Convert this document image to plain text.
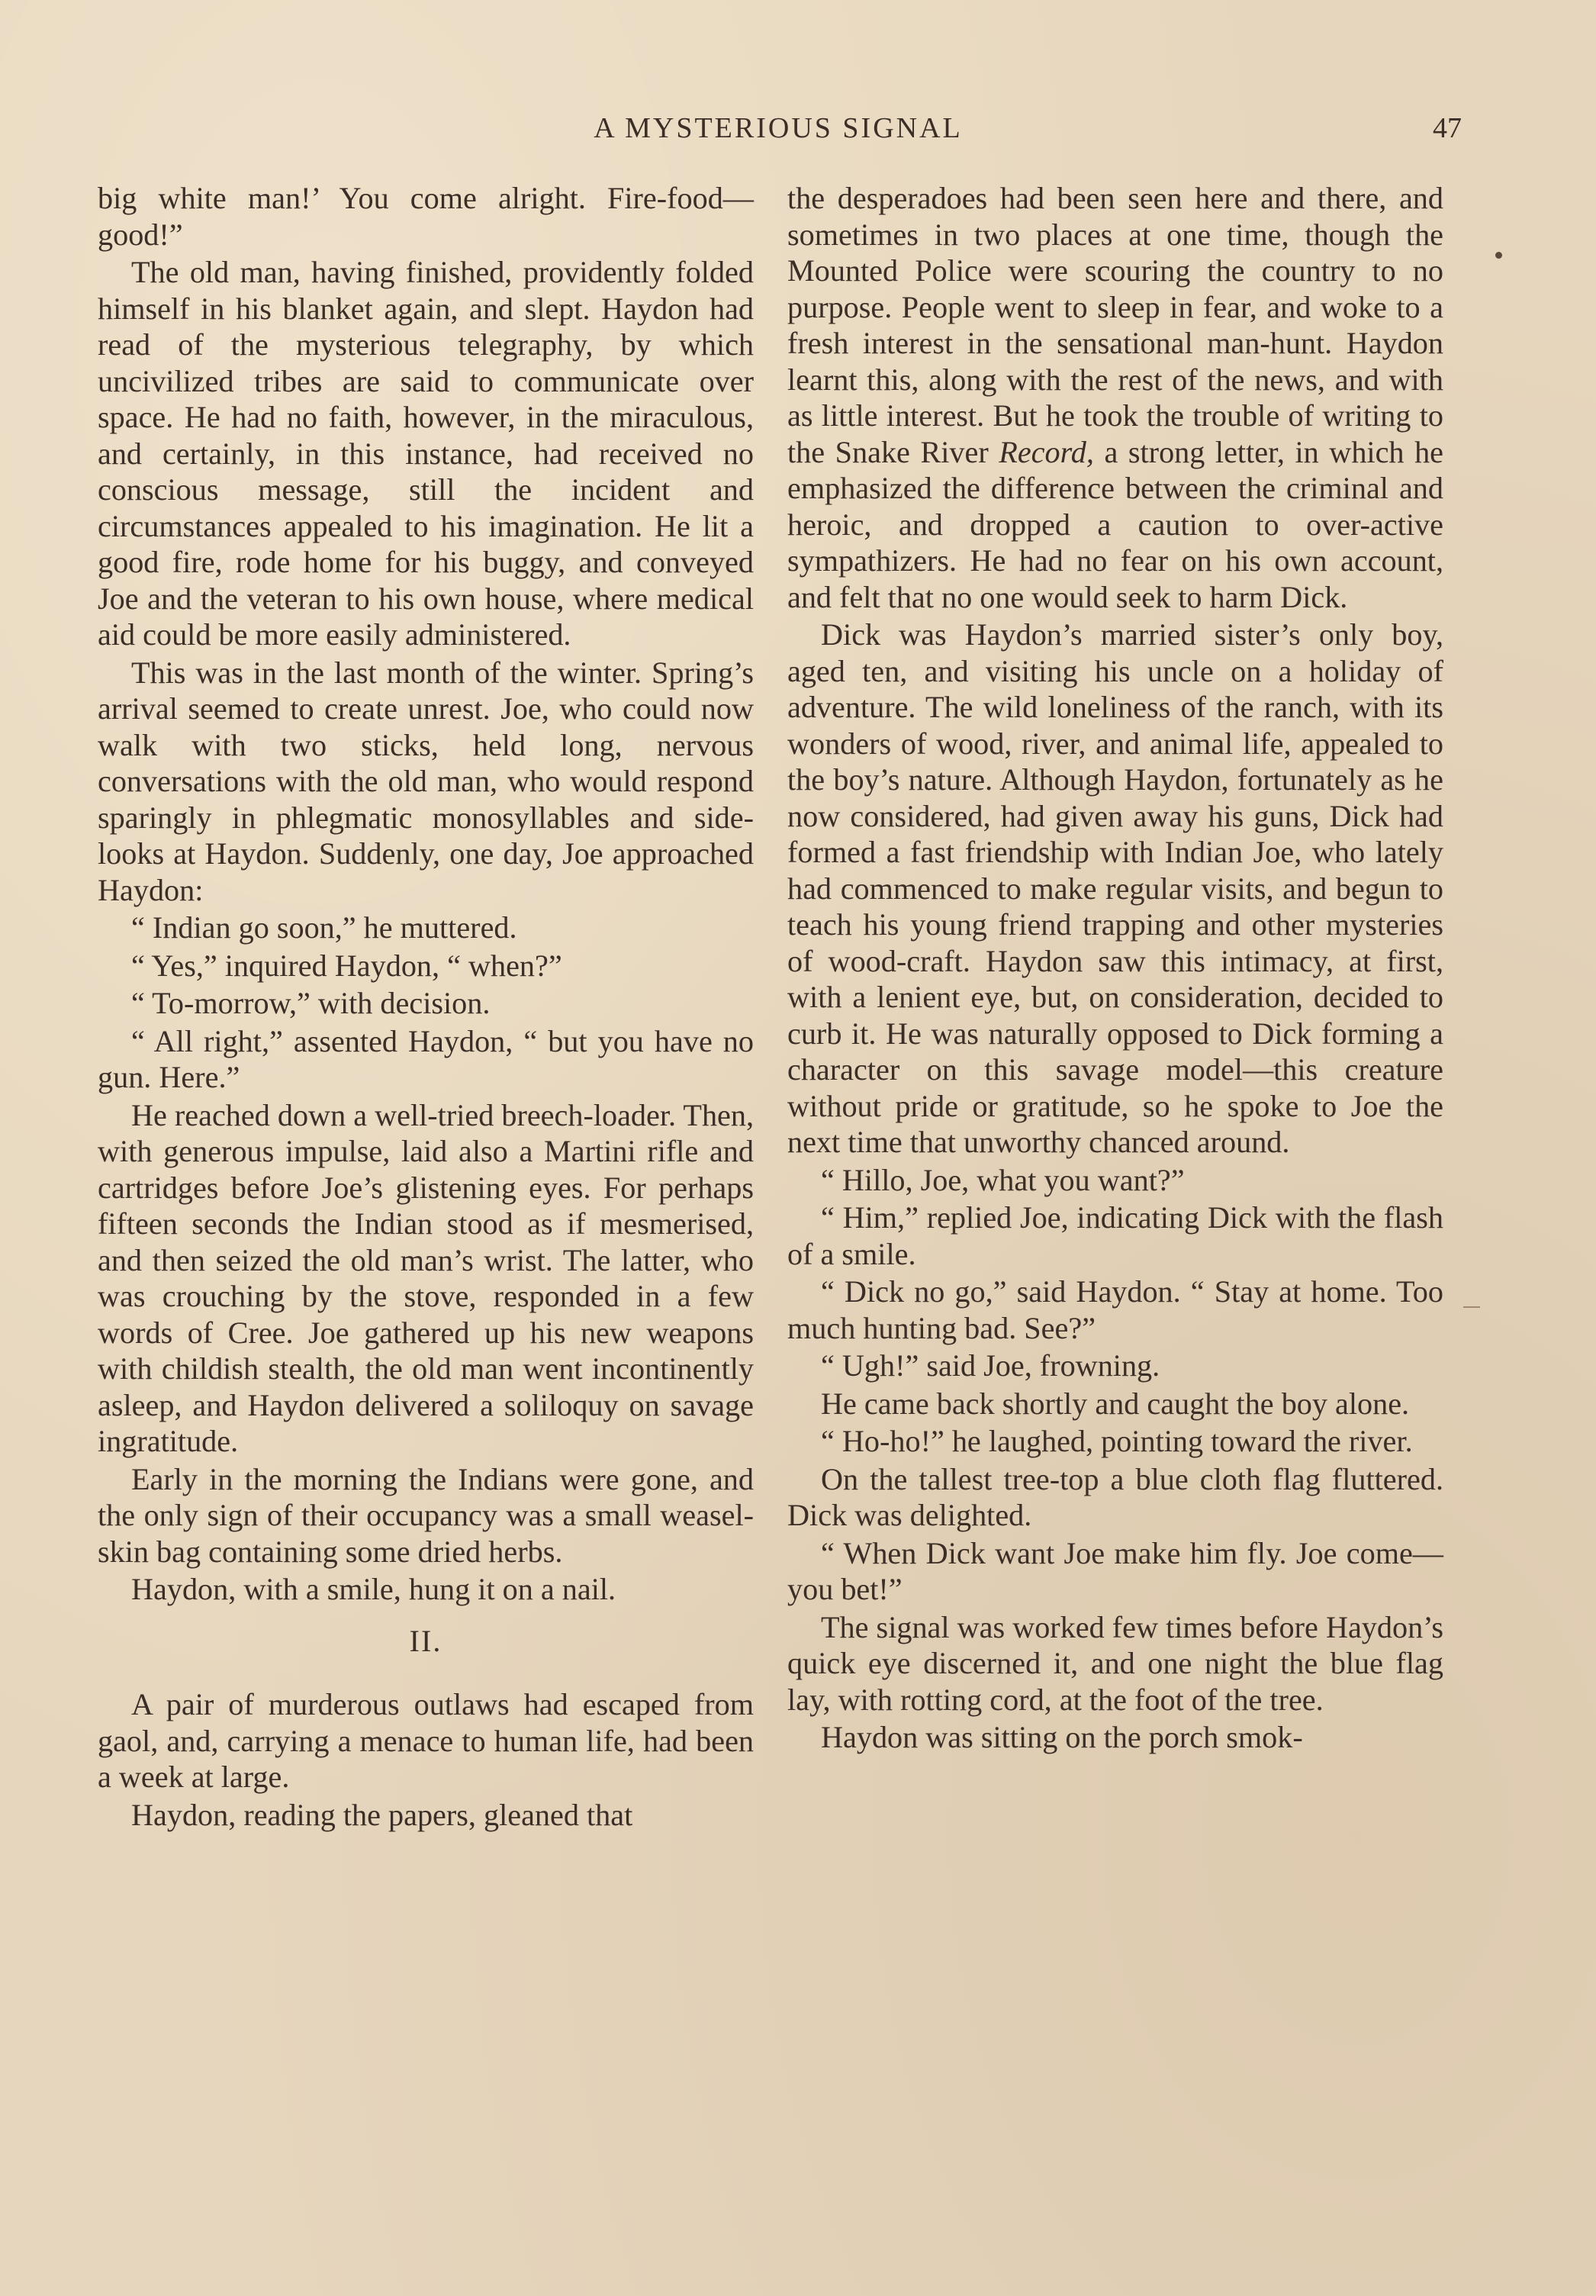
A MYSTERIOUS SIGNAL	47

big white man!’ You come alright. Fire-food—good!”

The old man, having finished, providently folded himself in his blanket again, and slept. Haydon had read of the mysterious telegraphy, by which uncivilized tribes are said to communicate over space. He had no faith, however, in the miraculous, and certainly, in this instance, had received no conscious message, still the incident and circumstances appealed to his imagination. He lit a good fire, rode home for his buggy, and conveyed Joe and the veteran to his own house, where medical aid could be more easily administered.

This was in the last month of the winter. Spring’s arrival seemed to create unrest. Joe, who could now walk with two sticks, held long, nervous conversations with the old man, who would respond sparingly in phlegmatic monosyllables and side-looks at Haydon. Suddenly, one day, Joe approached Haydon:

“ Indian go soon,” he muttered.

“ Yes,” inquired Haydon, “ when?”

“ To-morrow,” with decision.

“ All right,” assented Haydon, “ but you have no gun. Here.”

He reached down a well-tried breech-loader. Then, with generous impulse, laid also a Martini rifle and cartridges before Joe’s glistening eyes. For perhaps fifteen seconds the Indian stood as if mesmerised, and then seized the old man’s wrist. The latter, who was crouching by the stove, responded in a few words of Cree. Joe gathered up his new weapons with childish stealth, the old man went incontinently asleep, and Haydon delivered a soliloquy on savage ingratitude.

Early in the morning the Indians were gone, and the only sign of their occupancy was a small weasel-skin bag containing some dried herbs.

Haydon, with a smile, hung it on a nail.

II.

A pair of murderous outlaws had escaped from gaol, and, carrying a menace to human life, had been a week at large.

Haydon, reading the papers, gleaned that

the desperadoes had been seen here and there, and sometimes in two places at one time, though the Mounted Police were scouring the country to no purpose. People went to sleep in fear, and woke to a fresh interest in the sensational man-hunt. Haydon learnt this, along with the rest of the news, and with as little interest. But he took the trouble of writing to the Snake River Record, a strong letter, in which he emphasized the difference between the criminal and heroic, and dropped a caution to over-active sympathizers. He had no fear on his own account, and felt that no one would seek to harm Dick.

Dick was Haydon’s married sister’s only boy, aged ten, and visiting his uncle on a holiday of adventure. The wild loneliness of the ranch, with its wonders of wood, river, and animal life, appealed to the boy’s nature. Although Haydon, fortunately as he now considered, had given away his guns, Dick had formed a fast friendship with Indian Joe, who lately had commenced to make regular visits, and begun to teach his young friend trapping and other mysteries of wood-craft. Haydon saw this intimacy, at first, with a lenient eye, but, on consideration, decided to curb it. He was naturally opposed to Dick forming a character on this savage model—this creature without pride or gratitude, so he spoke to Joe the next time that unworthy chanced around.

“ Hillo, Joe, what you want?”

“ Him,” replied Joe, indicating Dick with the flash of a smile.

“ Dick no go,” said Haydon. “ Stay at home. Too much hunting bad. See?”

“ Ugh!” said Joe, frowning.

He came back shortly and caught the boy alone.

“ Ho-ho!” he laughed, pointing toward the river.

On the tallest tree-top a blue cloth flag fluttered. Dick was delighted.

“ When Dick want Joe make him fly. Joe come—you bet!”

The signal was worked few times before Haydon’s quick eye discerned it, and one night the blue flag lay, with rotting cord, at the foot of the tree.

Haydon was sitting on the porch smok-
